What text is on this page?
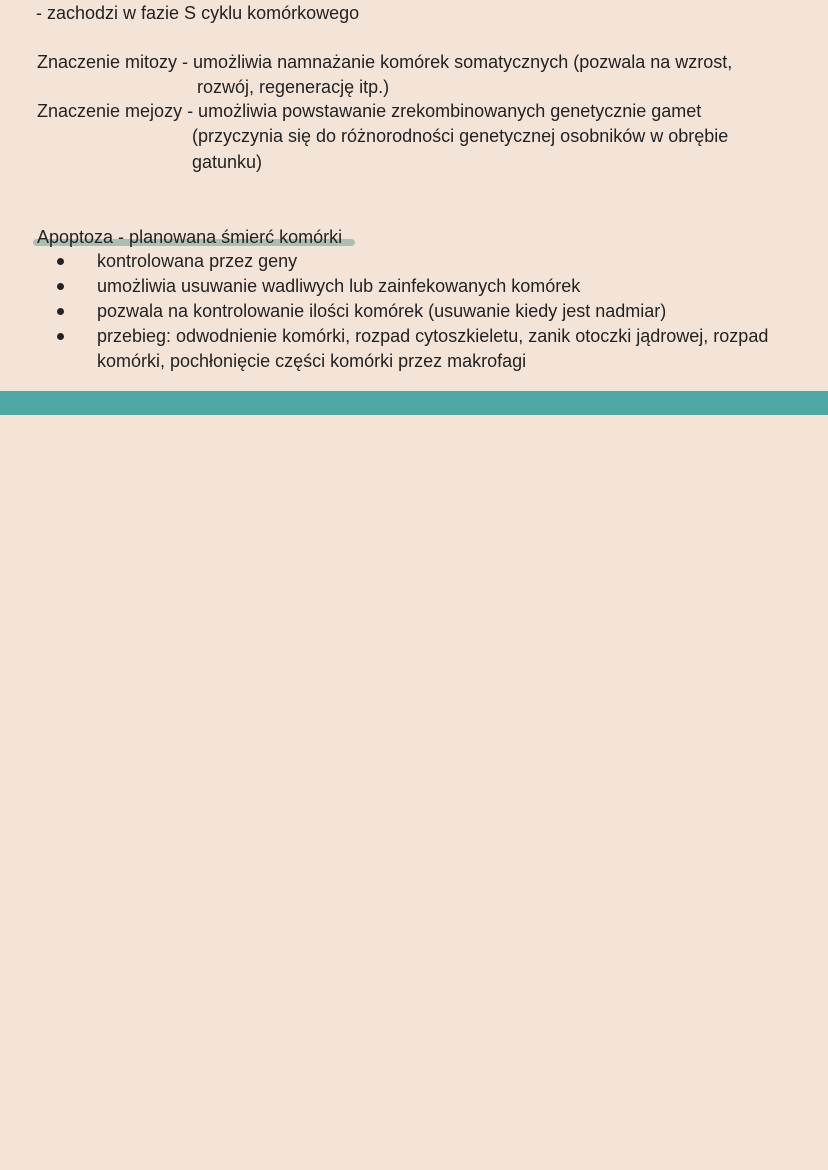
- zachodzi w fazie S cyklu komórkowego
Znaczenie mitozy - umożliwia namnażanie komórek somatycznych (pozwala na wzrost,
rozwój, regenerację itp.)
Znaczenie mejozy - umożliwia powstawanie zrekombinowanych genetycznie gamet
(przyczynia się do różnorodności genetycznej osobników w obrębie
gatunku)
Apoptoza - planowana śmierć komórki
kontrolowana przez geny
umożliwia usuwanie wadliwych lub zainfekowanych komórek
pozwala na kontrolowanie ilości komórek (usuwanie kiedy jest nadmiar)
przebieg: odwodnienie komórki, rozpad cytoszkieletu, zanik otoczki jądrowej, rozpad
komórki, pochłonięcie części komórki przez makrofagi
